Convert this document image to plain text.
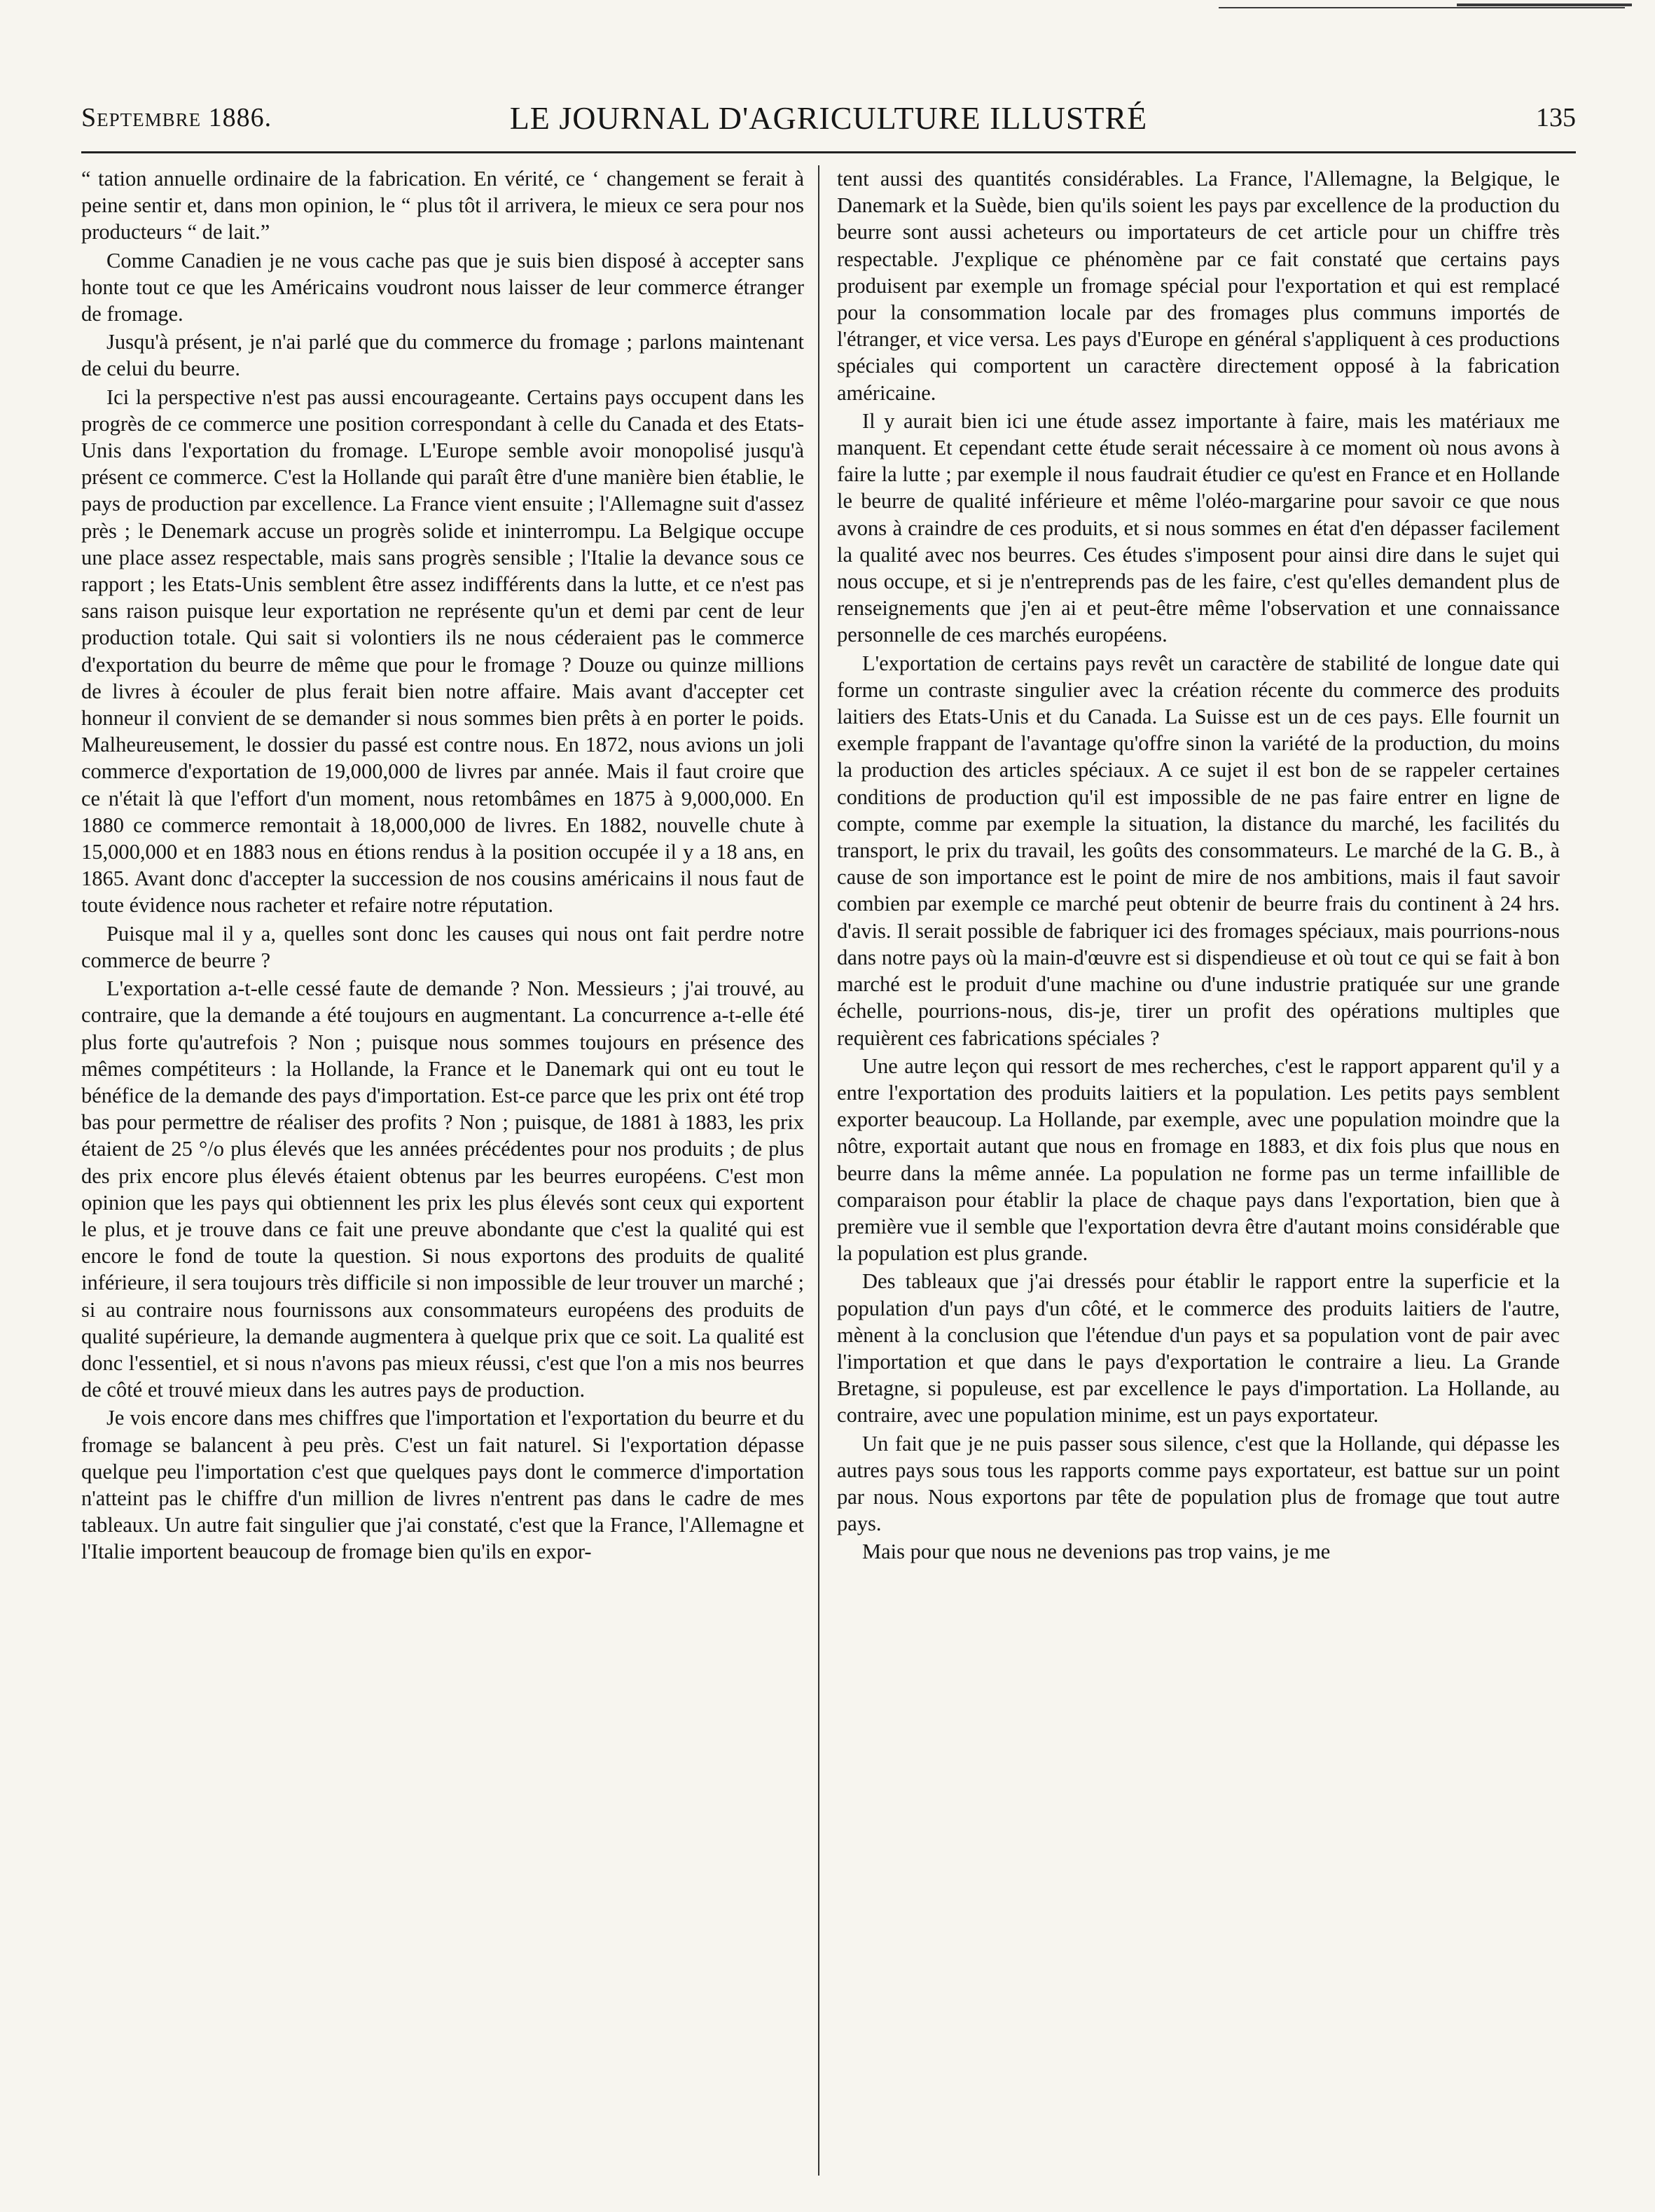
Septembre 1886.	LE JOURNAL D'AGRICULTURE ILLUSTRÉ	135

“ tation annuelle ordinaire de la fabrication. En vérité, ce ‘ changement se ferait à peine sentir et, dans mon opinion, le “ plus tôt il arrivera, le mieux ce sera pour nos producteurs “ de lait.”

Comme Canadien je ne vous cache pas que je suis bien disposé à accepter sans honte tout ce que les Américains voudront nous laisser de leur commerce étranger de fromage.

Jusqu'à présent, je n'ai parlé que du commerce du fromage ; parlons maintenant de celui du beurre.

Ici la perspective n'est pas aussi encourageante. Certains pays occupent dans les progrès de ce commerce une position correspondant à celle du Canada et des Etats-Unis dans l'exportation du fromage. L'Europe semble avoir monopolisé jusqu'à présent ce commerce. C'est la Hollande qui paraît être d'une manière bien établie, le pays de production par excellence. La France vient ensuite ; l'Allemagne suit d'assez près ; le Denemark accuse un progrès solide et ininterrompu. La Belgique occupe une place assez respectable, mais sans progrès sensible ; l'Italie la devance sous ce rapport ; les Etats-Unis semblent être assez indifférents dans la lutte, et ce n'est pas sans raison puisque leur exportation ne représente qu'un et demi par cent de leur production totale. Qui sait si volontiers ils ne nous céderaient pas le commerce d'exportation du beurre de même que pour le fromage ? Douze ou quinze millions de livres à écouler de plus ferait bien notre affaire. Mais avant d'accepter cet honneur il convient de se demander si nous sommes bien prêts à en porter le poids. Malheureusement, le dossier du passé est contre nous. En 1872, nous avions un joli commerce d'exportation de 19,000,000 de livres par année. Mais il faut croire que ce n'était là que l'effort d'un moment, nous retombâmes en 1875 à 9,000,000. En 1880 ce commerce remontait à 18,000,000 de livres. En 1882, nouvelle chute à 15,000,000 et en 1883 nous en étions rendus à la position occupée il y a 18 ans, en 1865. Avant donc d'accepter la succession de nos cousins américains il nous faut de toute évidence nous racheter et refaire notre réputation.

Puisque mal il y a, quelles sont donc les causes qui nous ont fait perdre notre commerce de beurre ?

L'exportation a-t-elle cessé faute de demande ? Non. Messieurs ; j'ai trouvé, au contraire, que la demande a été toujours en augmentant. La concurrence a-t-elle été plus forte qu'autrefois ? Non ; puisque nous sommes toujours en présence des mêmes compétiteurs : la Hollande, la France et le Danemark qui ont eu tout le bénéfice de la demande des pays d'importation. Est-ce parce que les prix ont été trop bas pour permettre de réaliser des profits ? Non ; puisque, de 1881 à 1883, les prix étaient de 25 °/o plus élevés que les années précédentes pour nos produits ; de plus des prix encore plus élevés étaient obtenus par les beurres européens. C'est mon opinion que les pays qui obtiennent les prix les plus élevés sont ceux qui exportent le plus, et je trouve dans ce fait une preuve abondante que c'est la qualité qui est encore le fond de toute la question. Si nous exportons des produits de qualité inférieure, il sera toujours très difficile si non impossible de leur trouver un marché ; si au contraire nous fournissons aux consommateurs européens des produits de qualité supérieure, la demande augmentera à quelque prix que ce soit. La qualité est donc l'essentiel, et si nous n'avons pas mieux réussi, c'est que l'on a mis nos beurres de côté et trouvé mieux dans les autres pays de production.

Je vois encore dans mes chiffres que l'importation et l'exportation du beurre et du fromage se balancent à peu près. C'est un fait naturel. Si l'exportation dépasse quelque peu l'importation c'est que quelques pays dont le commerce d'importation n'atteint pas le chiffre d'un million de livres n'entrent pas dans le cadre de mes tableaux. Un autre fait singulier que j'ai constaté, c'est que la France, l'Allemagne et l'Italie importent beaucoup de fromage bien qu'ils en expor-

tent aussi des quantités considérables. La France, l'Allemagne, la Belgique, le Danemark et la Suède, bien qu'ils soient les pays par excellence de la production du beurre sont aussi acheteurs ou importateurs de cet article pour un chiffre très respectable. J'explique ce phénomène par ce fait constaté que certains pays produisent par exemple un fromage spécial pour l'exportation et qui est remplacé pour la consommation locale par des fromages plus communs importés de l'étranger, et vice versa. Les pays d'Europe en général s'appliquent à ces productions spéciales qui comportent un caractère directement opposé à la fabrication américaine.

Il y aurait bien ici une étude assez importante à faire, mais les matériaux me manquent. Et cependant cette étude serait nécessaire à ce moment où nous avons à faire la lutte ; par exemple il nous faudrait étudier ce qu'est en France et en Hollande le beurre de qualité inférieure et même l'oléo-margarine pour savoir ce que nous avons à craindre de ces produits, et si nous sommes en état d'en dépasser facilement la qualité avec nos beurres. Ces études s'imposent pour ainsi dire dans le sujet qui nous occupe, et si je n'entreprends pas de les faire, c'est qu'elles demandent plus de renseignements que j'en ai et peut-être même l'observation et une connaissance personnelle de ces marchés européens.

L'exportation de certains pays revêt un caractère de stabilité de longue date qui forme un contraste singulier avec la création récente du commerce des produits laitiers des Etats-Unis et du Canada. La Suisse est un de ces pays. Elle fournit un exemple frappant de l'avantage qu'offre sinon la variété de la production, du moins la production des articles spéciaux. A ce sujet il est bon de se rappeler certaines conditions de production qu'il est impossible de ne pas faire entrer en ligne de compte, comme par exemple la situation, la distance du marché, les facilités du transport, le prix du travail, les goûts des consommateurs. Le marché de la G. B., à cause de son importance est le point de mire de nos ambitions, mais il faut savoir combien par exemple ce marché peut obtenir de beurre frais du continent à 24 hrs. d'avis. Il serait possible de fabriquer ici des fromages spéciaux, mais pourrions-nous dans notre pays où la main-d'œuvre est si dispendieuse et où tout ce qui se fait à bon marché est le produit d'une machine ou d'une industrie pratiquée sur une grande échelle, pourrions-nous, dis-je, tirer un profit des opérations multiples que requièrent ces fabrications spéciales ?

Une autre leçon qui ressort de mes recherches, c'est le rapport apparent qu'il y a entre l'exportation des produits laitiers et la population. Les petits pays semblent exporter beaucoup. La Hollande, par exemple, avec une population moindre que la nôtre, exportait autant que nous en fromage en 1883, et dix fois plus que nous en beurre dans la même année. La population ne forme pas un terme infaillible de comparaison pour établir la place de chaque pays dans l'exportation, bien que à première vue il semble que l'exportation devra être d'autant moins considérable que la population est plus grande.

Des tableaux que j'ai dressés pour établir le rapport entre la superficie et la population d'un pays d'un côté, et le commerce des produits laitiers de l'autre, mènent à la conclusion que l'étendue d'un pays et sa population vont de pair avec l'importation et que dans le pays d'exportation le contraire a lieu. La Grande Bretagne, si populeuse, est par excellence le pays d'importation. La Hollande, au contraire, avec une population minime, est un pays exportateur.

Un fait que je ne puis passer sous silence, c'est que la Hollande, qui dépasse les autres pays sous tous les rapports comme pays exportateur, est battue sur un point par nous. Nous exportons par tête de population plus de fromage que tout autre pays.

Mais pour que nous ne devenions pas trop vains, je me
